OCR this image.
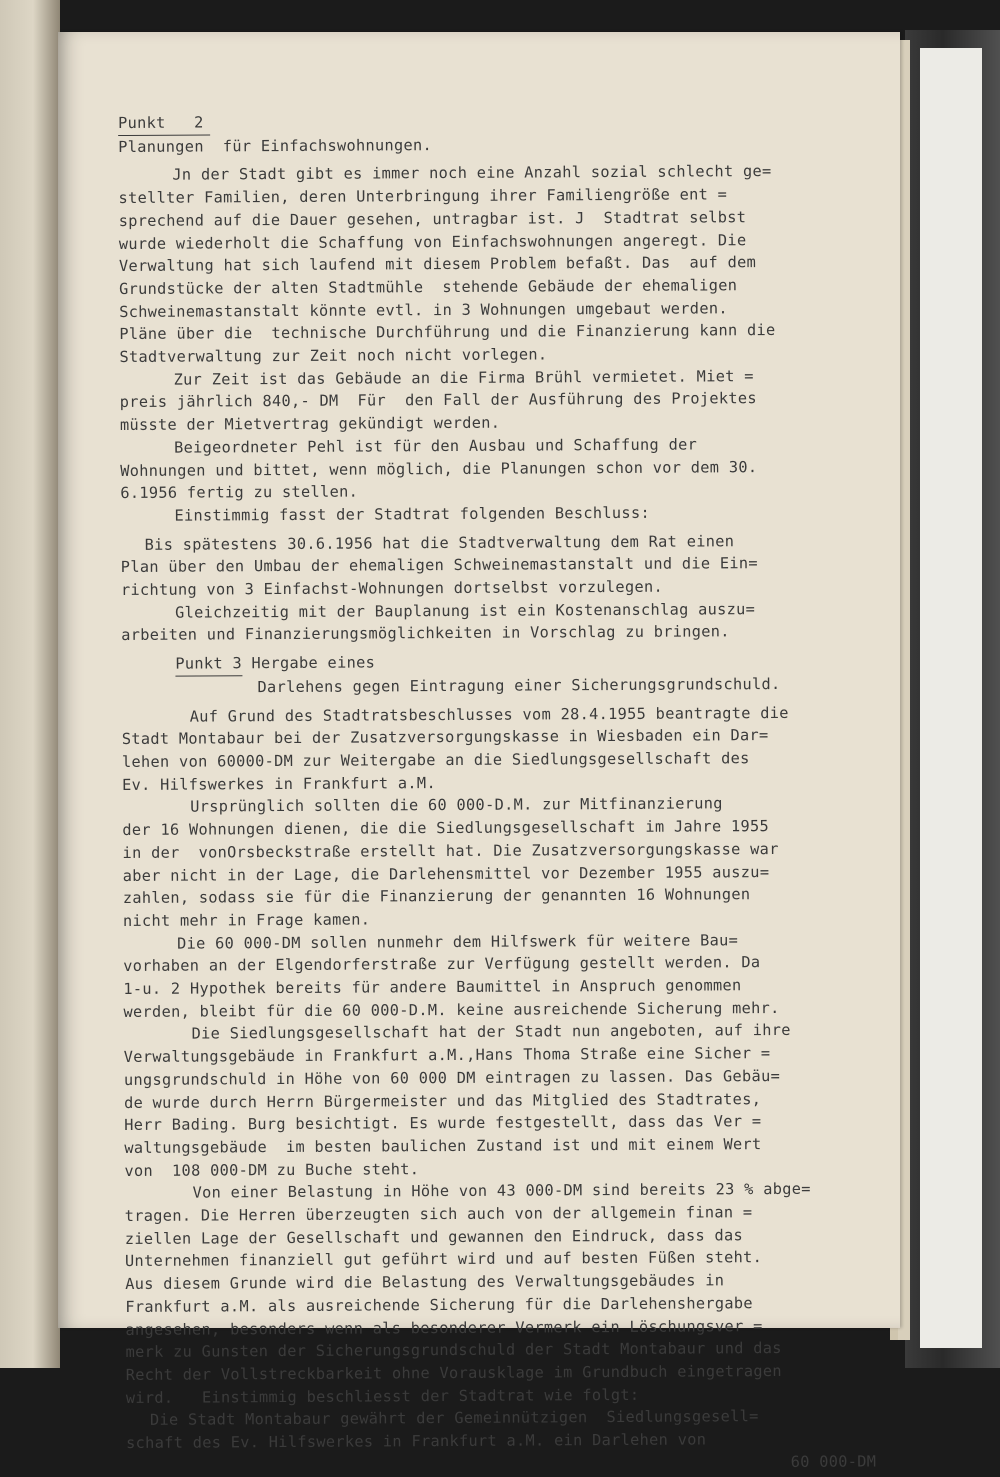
Punkt   2
Planungen  für Einfachswohnungen.
Jn der Stadt gibt es immer noch eine Anzahl sozial schlecht ge=
stellter Familien, deren Unterbringung ihrer Familiengröße ent =
sprechend auf die Dauer gesehen, untragbar ist. J  Stadtrat selbst
wurde wiederholt die Schaffung von Einfachswohnungen angeregt. Die
Verwaltung hat sich laufend mit diesem Problem befaßt. Das  auf dem
Grundstücke der alten Stadtmühle  stehende Gebäude der ehemaligen
Schweinemastanstalt könnte evtl. in 3 Wohnungen umgebaut werden.
Pläne über die  technische Durchführung und die Finanzierung kann die
Stadtverwaltung zur Zeit noch nicht vorlegen.
Zur Zeit ist das Gebäude an die Firma Brühl vermietet. Miet =
preis jährlich 840,- DM  Für  den Fall der Ausführung des Projektes
müsste der Mietvertrag gekündigt werden.
Beigeordneter Pehl ist für den Ausbau und Schaffung der
Wohnungen und bittet, wenn möglich, die Planungen schon vor dem 30.
6.1956 fertig zu stellen.
Einstimmig fasst der Stadtrat folgenden Beschluss:
Bis spätestens 30.6.1956 hat die Stadtverwaltung dem Rat einen
Plan über den Umbau der ehemaligen Schweinemastanstalt und die Ein=
richtung von 3 Einfachst-Wohnungen dortselbst vorzulegen.
Gleichzeitig mit der Bauplanung ist ein Kostenanschlag auszu=
arbeiten und Finanzierungsmöglichkeiten in Vorschlag zu bringen.
Punkt 3 Hergabe eines
Darlehens gegen Eintragung einer Sicherungsgrundschuld.
Auf Grund des Stadtratsbeschlusses vom 28.4.1955 beantragte die
Stadt Montabaur bei der Zusatzversorgungskasse in Wiesbaden ein Dar=
lehen von 60000-DM zur Weitergabe an die Siedlungsgesellschaft des
Ev. Hilfswerkes in Frankfurt a.M.
Ursprünglich sollten die 60 000-D.M. zur Mitfinanzierung
der 16 Wohnungen dienen, die die Siedlungsgesellschaft im Jahre 1955
in der  vonOrsbeckstraße erstellt hat. Die Zusatzversorgungskasse war
aber nicht in der Lage, die Darlehensmittel vor Dezember 1955 auszu=
zahlen, sodass sie für die Finanzierung der genannten 16 Wohnungen
nicht mehr in Frage kamen.
Die 60 000-DM sollen nunmehr dem Hilfswerk für weitere Bau=
vorhaben an der Elgendorferstraße zur Verfügung gestellt werden. Da
1-u. 2 Hypothek bereits für andere Baumittel in Anspruch genommen
werden, bleibt für die 60 000-D.M. keine ausreichende Sicherung mehr.
Die Siedlungsgesellschaft hat der Stadt nun angeboten, auf ihre
Verwaltungsgebäude in Frankfurt a.M.,Hans Thoma Straße eine Sicher =
ungsgrundschuld in Höhe von 60 000 DM eintragen zu lassen. Das Gebäu=
de wurde durch Herrn Bürgermeister und das Mitglied des Stadtrates,
Herr Bading. Burg besichtigt. Es wurde festgestellt, dass das Ver =
waltungsgebäude  im besten baulichen Zustand ist und mit einem Wert
von  108 000-DM zu Buche steht.
Von einer Belastung in Höhe von 43 000-DM sind bereits 23 % abge=
tragen. Die Herren überzeugten sich auch von der allgemein finan =
ziellen Lage der Gesellschaft und gewannen den Eindruck, dass das
Unternehmen finanziell gut geführt wird und auf besten Füßen steht.
Aus diesem Grunde wird die Belastung des Verwaltungsgebäudes in
Frankfurt a.M. als ausreichende Sicherung für die Darlehenshergabe
angesehen, besonders wenn als besonderer Vermerk ein Löschungsver =
merk zu Gunsten der Sicherungsgrundschuld der Stadt Montabaur und das
Recht der Vollstreckbarkeit ohne Vorausklage im Grundbuch eingetragen
wird. Einstimmig beschliesst der Stadtrat wie folgt:
Die Stadt Montabaur gewährt der Gemeinnützigen  Siedlungsgesell=
schaft des Ev. Hilfswerkes in Frankfurt a.M. ein Darlehen von
60 000-DM
